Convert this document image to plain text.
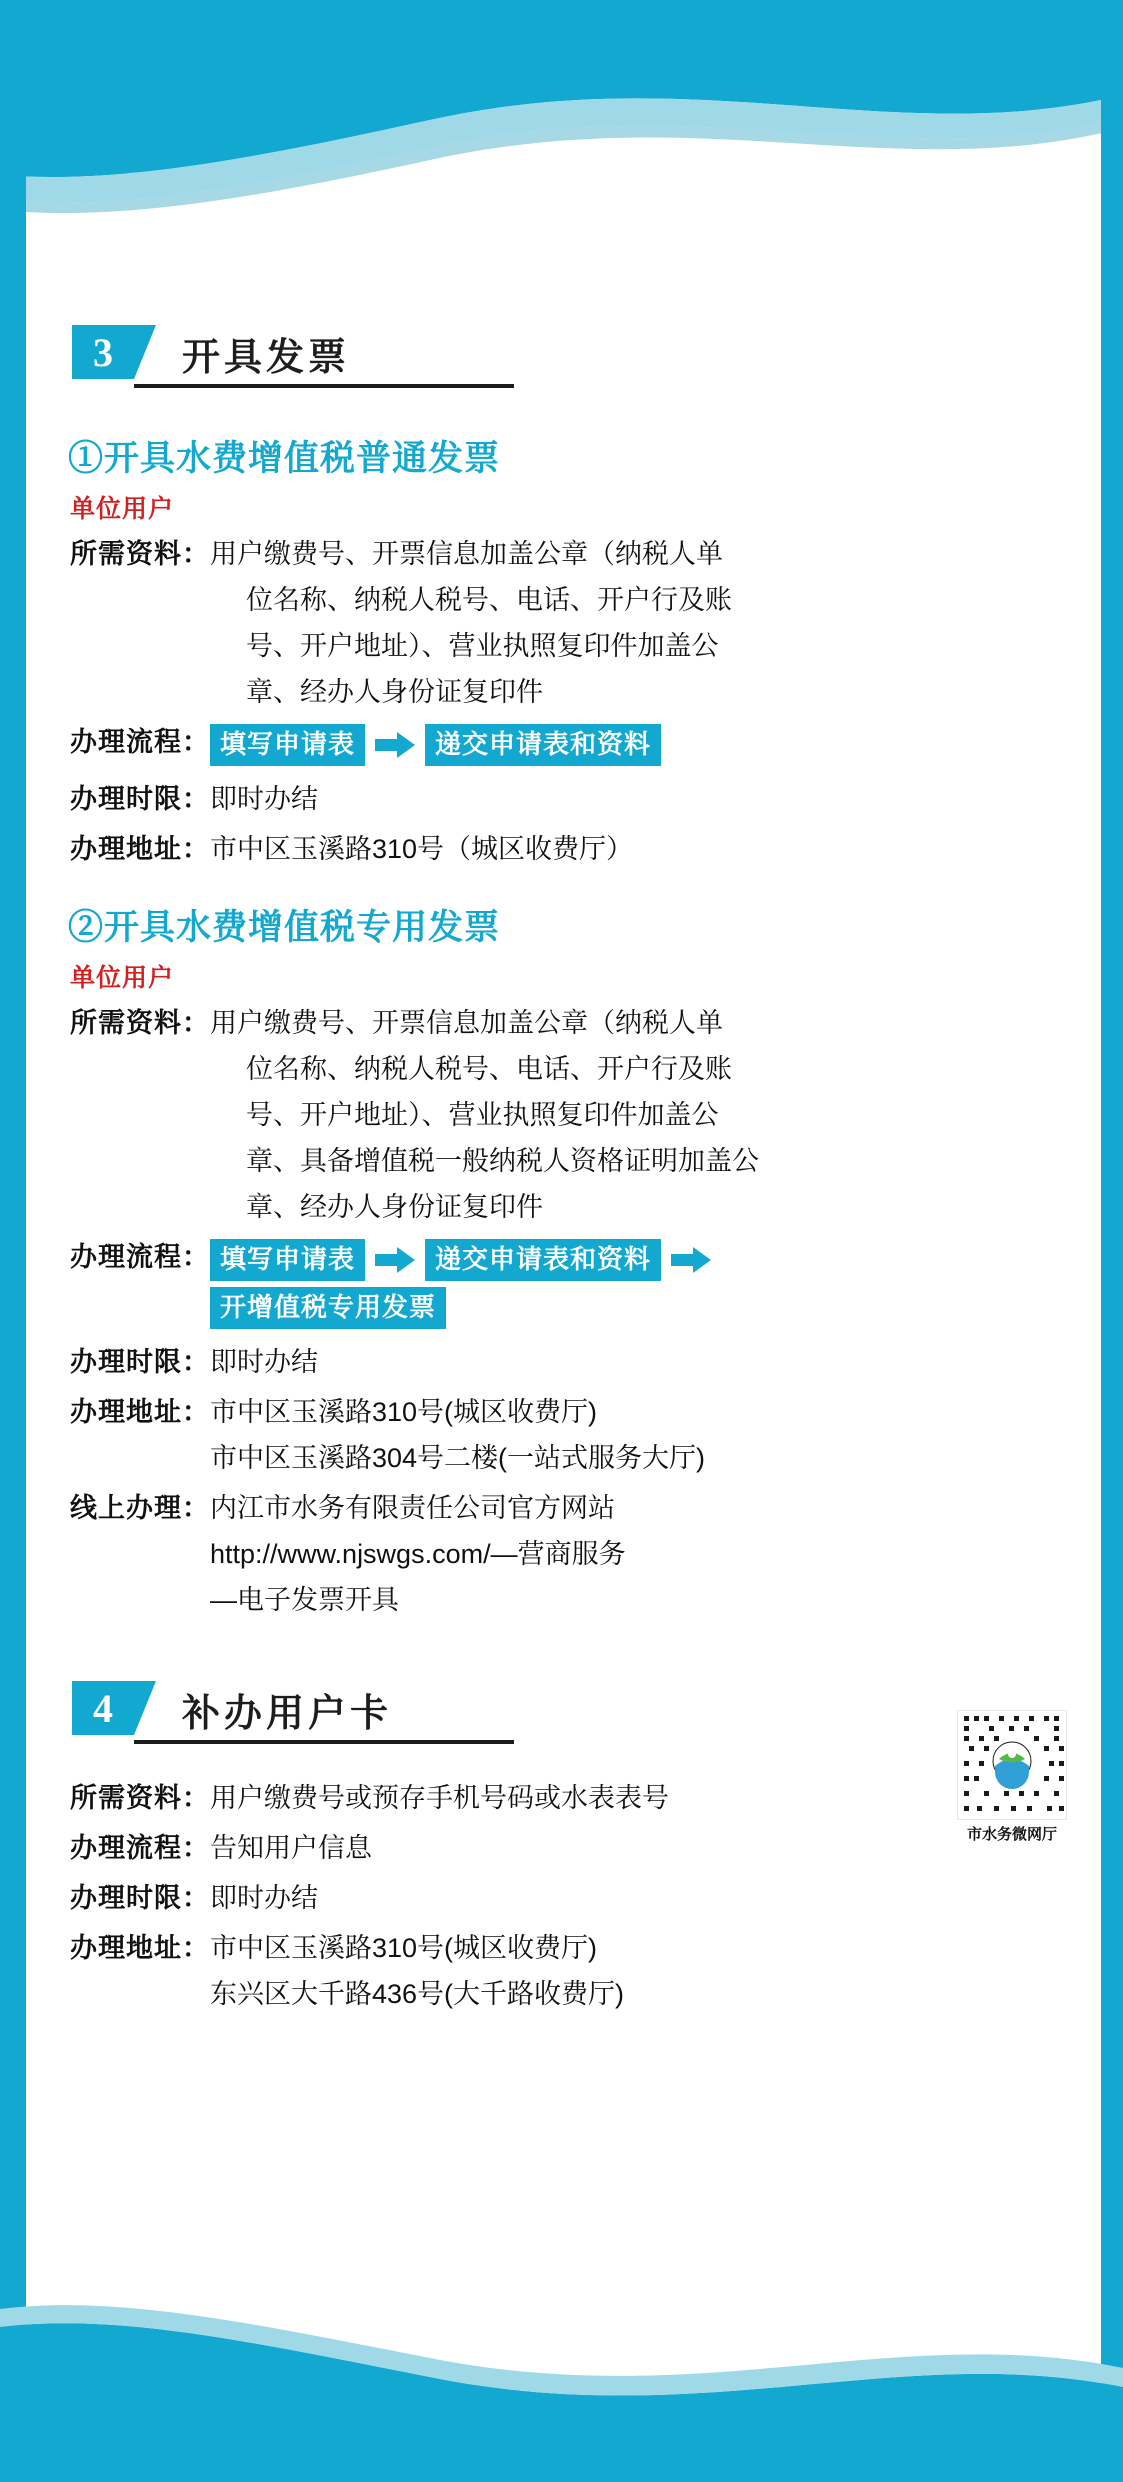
3	开具发票
①开具水费增值税普通发票
单位用户
所需资料： 用户缴费号、开票信息加盖公章（纳税人单

位名称、纳税人税号、电话、开户行及账

号、开户地址）、营业执照复印件加盖公

章、经办人身份证复印件

办理流程： 填写申请表	递交申请表和资料
办理时限： 即时办结
办理地址： 市中区玉溪路310号（城区收费厅）
②开具水费增值税专用发票
单位用户
所需资料： 用户缴费号、开票信息加盖公章（纳税人单

位名称、纳税人税号、电话、开户行及账

号、开户地址）、营业执照复印件加盖公

章、具备增值税一般纳税人资格证明加盖公

章、经办人身份证复印件

办理流程： 填写申请表	递交申请表和资料
开增值税专用发票
办理时限： 即时办结
办理地址： 市中区玉溪路310号(城区收费厅)

市中区玉溪路304号二楼(一站式服务大厅)

线上办理： 内江市水务有限责任公司官方网站

http://www.njswgs.com/—营商服务

—电子发票开具

4	补办用户卡
所需资料： 用户缴费号或预存手机号码或水表表号
办理流程： 告知用户信息
办理时限： 即时办结
办理地址： 市中区玉溪路310号(城区收费厅)

东兴区大千路436号(大千路收费厅)

市水务微网厅
